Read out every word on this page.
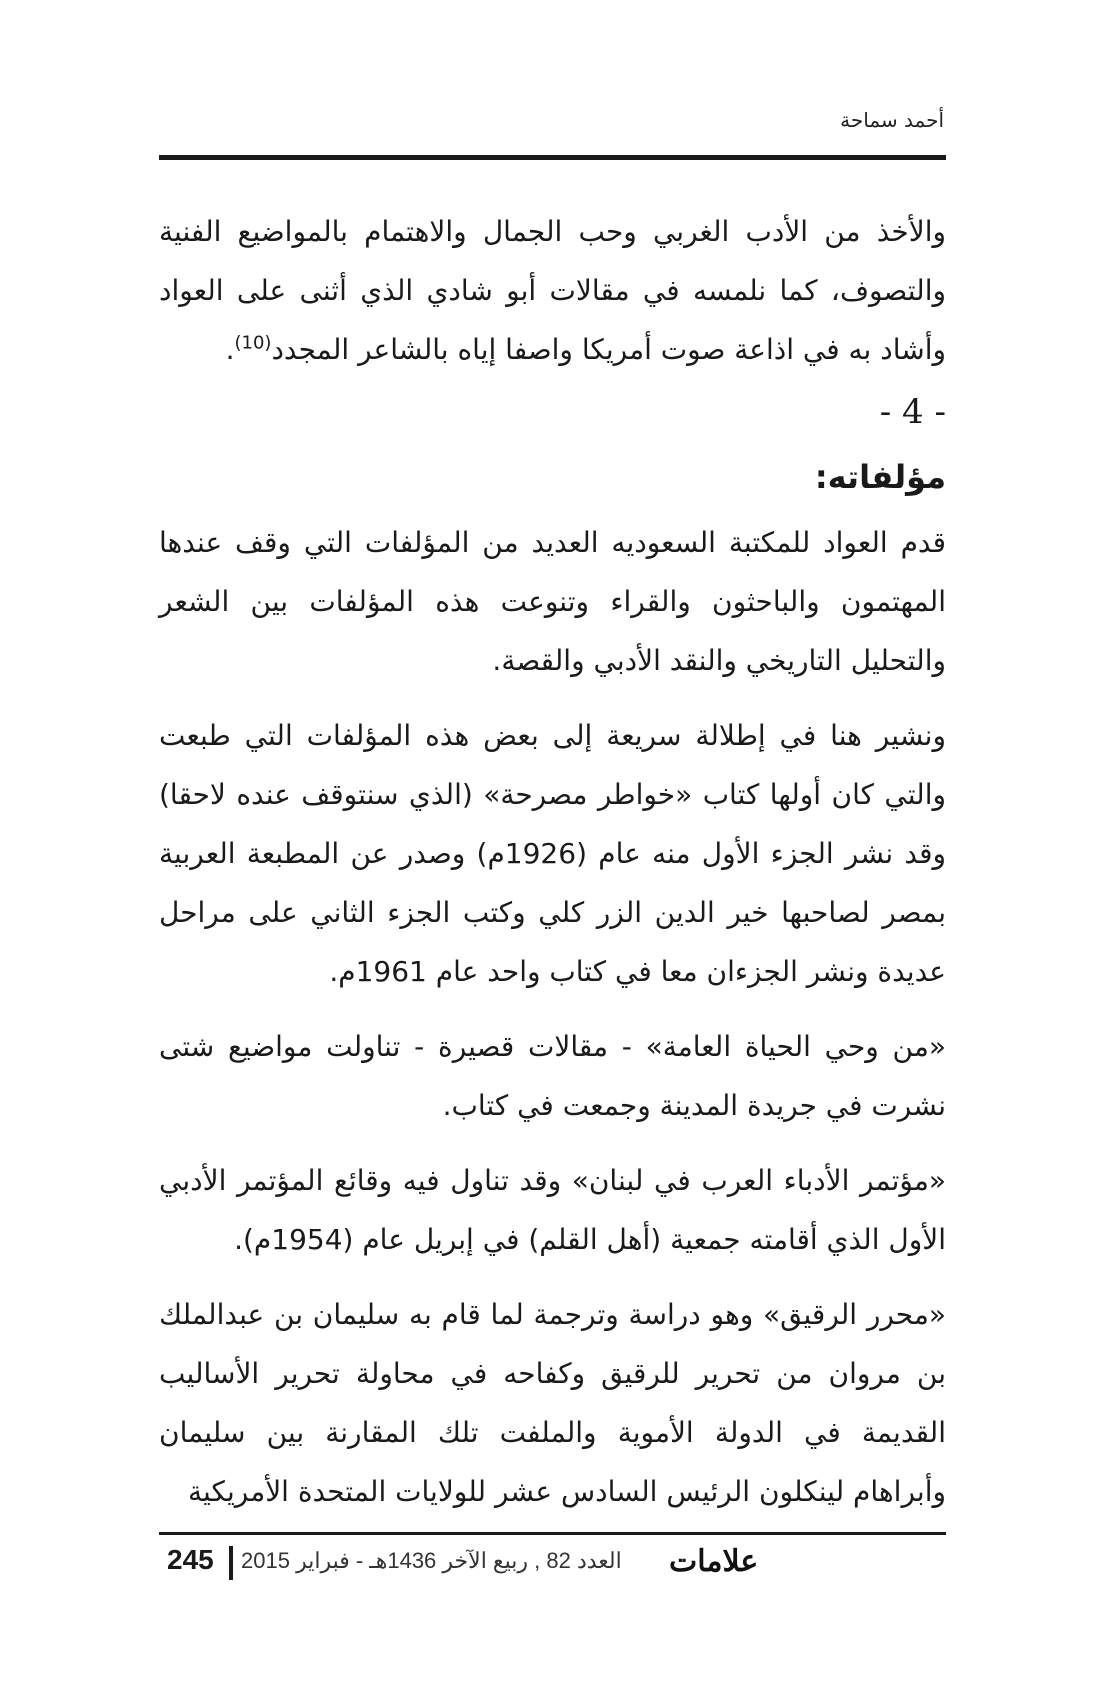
أحمد سماحة

والأخذ من الأدب الغربي وحب الجمال والاهتمام بالمواضيع الفنية والتصوف، كما نلمسه في مقالات أبو شادي الذي أثنى على العواد وأشاد به في اذاعة صوت أمريكا واصفا إياه بالشاعر المجدد$^{(10)}$.

- 4 -
مؤلفاته:

قدم العواد للمكتبة السعوديه العديد من المؤلفات التي وقف عندها المهتمون والباحثون والقراء وتنوعت هذه المؤلفات بين الشعر والتحليل التاريخي والنقد الأدبي والقصة.

ونشير هنا في إطلالة سريعة إلى بعض هذه المؤلفات التي طبعت والتي كان أولها كتاب «خواطر مصرحة» (الذي سنتوقف عنده لاحقا) وقد نشر الجزء الأول منه عام (1926م) وصدر عن المطبعة العربية بمصر لصاحبها خير الدين الزر كلي وكتب الجزء الثاني على مراحل عديدة ونشر الجزءان معا في كتاب واحد عام 1961م.

«من وحي الحياة العامة» - مقالات قصيرة - تناولت مواضيع شتى نشرت في جريدة المدينة وجمعت في كتاب.

«مؤتمر الأدباء العرب في لبنان» وقد تناول فيه وقائع المؤتمر الأدبي الأول الذي أقامته جمعية (أهل القلم) في إبريل عام (1954م).

«محرر الرقيق» وهو دراسة وترجمة لما قام به سليمان بن عبدالملك بن مروان من تحرير للرقيق وكفاحه في محاولة تحرير الأساليب القديمة في الدولة الأموية والملفت تلك المقارنة بين سليمان وأبراهام لينكلون الرئيس السادس عشر للولايات المتحدة الأمريكية

245 العدد 82 , ربيع الآخر 1436هـ - فبراير 2015 علامات
